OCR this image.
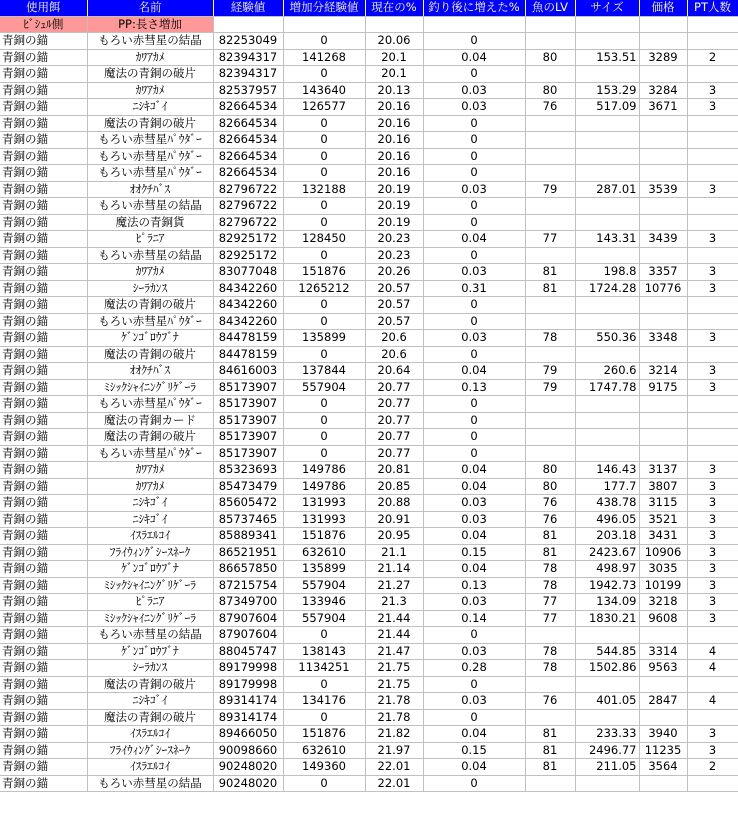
使用餌	名前	経験値	増加分経験値	現在の%	釣り後に増えた%	魚のLV	サイズ	価格	PT人数
ﾋﾞｼｭﾙ側	PP:長さ増加								
青銅の錨	もろい赤彗星の結晶	82253049	0	20.06	0				
青銅の錨	ｶﾜｱｶﾒ	82394317	141268	20.1	0.04	80	153.51	3289	2
青銅の錨	魔法の青銅の破片	82394317	0	20.1	0				
青銅の錨	ｶﾜｱｶﾒ	82537957	143640	20.13	0.03	80	153.29	3284	3
青銅の錨	ﾆｼｷｺﾞｲ	82664534	126577	20.16	0.03	76	517.09	3671	3
青銅の錨	魔法の青銅の破片	82664534	0	20.16	0				
青銅の錨	もろい赤彗星ﾊﾟｳﾀﾞｰ	82664534	0	20.16	0				
青銅の錨	もろい赤彗星ﾊﾟｳﾀﾞｰ	82664534	0	20.16	0				
青銅の錨	もろい赤彗星ﾊﾟｳﾀﾞｰ	82664534	0	20.16	0				
青銅の錨	ｵｵｸﾁﾊﾞｽ	82796722	132188	20.19	0.03	79	287.01	3539	3
青銅の錨	もろい赤彗星の結晶	82796722	0	20.19	0				
青銅の錨	魔法の青銅貨	82796722	0	20.19	0				
青銅の錨	ﾋﾟﾗﾆｱ	82925172	128450	20.23	0.04	77	143.31	3439	3
青銅の錨	もろい赤彗星の結晶	82925172	0	20.23	0				
青銅の錨	ｶﾜｱｶﾒ	83077048	151876	20.26	0.03	81	198.8	3357	3
青銅の錨	ｼｰﾗｶﾝｽ	84342260	1265212	20.57	0.31	81	1724.28	10776	3
青銅の錨	魔法の青銅の破片	84342260	0	20.57	0				
青銅の錨	もろい赤彗星ﾊﾟｳﾀﾞｰ	84342260	0	20.57	0				
青銅の錨	ｹﾞﾝｺﾞﾛｳﾌﾞﾅ	84478159	135899	20.6	0.03	78	550.36	3348	3
青銅の錨	魔法の青銅の破片	84478159	0	20.6	0				
青銅の錨	ｵｵｸﾁﾊﾞｽ	84616003	137844	20.64	0.04	79	260.6	3214	3
青銅の錨	ﾐｼｯｸｼｬｲﾆﾝｸﾞﾘｹﾞｰﾗ	85173907	557904	20.77	0.13	79	1747.78	9175	3
青銅の錨	もろい赤彗星ﾊﾟｳﾀﾞｰ	85173907	0	20.77	0				
青銅の錨	魔法の青銅カード	85173907	0	20.77	0				
青銅の錨	魔法の青銅の破片	85173907	0	20.77	0				
青銅の錨	もろい赤彗星ﾊﾟｳﾀﾞｰ	85173907	0	20.77	0				
青銅の錨	ｶﾜｱｶﾒ	85323693	149786	20.81	0.04	80	146.43	3137	3
青銅の錨	ｶﾜｱｶﾒ	85473479	149786	20.85	0.04	80	177.7	3807	3
青銅の錨	ﾆｼｷｺﾞｲ	85605472	131993	20.88	0.03	76	438.78	3115	3
青銅の錨	ﾆｼｷｺﾞｲ	85737465	131993	20.91	0.03	76	496.05	3521	3
青銅の錨	ｲｽﾗｴﾙｺｲ	85889341	151876	20.95	0.04	81	203.18	3431	3
青銅の錨	ﾌﾗｲｳｨﾝｸﾞｼｰｽﾈｰｸ	86521951	632610	21.1	0.15	81	2423.67	10906	3
青銅の錨	ｹﾞﾝｺﾞﾛｳﾌﾞﾅ	86657850	135899	21.14	0.04	78	498.97	3035	3
青銅の錨	ﾐｼｯｸｼｬｲﾆﾝｸﾞﾘｹﾞｰﾗ	87215754	557904	21.27	0.13	78	1942.73	10199	3
青銅の錨	ﾋﾟﾗﾆｱ	87349700	133946	21.3	0.03	77	134.09	3218	3
青銅の錨	ﾐｼｯｸｼｬｲﾆﾝｸﾞﾘｹﾞｰﾗ	87907604	557904	21.44	0.14	77	1830.21	9608	3
青銅の錨	もろい赤彗星の結晶	87907604	0	21.44	0				
青銅の錨	ｹﾞﾝｺﾞﾛｳﾌﾞﾅ	88045747	138143	21.47	0.03	78	544.85	3314	4
青銅の錨	ｼｰﾗｶﾝｽ	89179998	1134251	21.75	0.28	78	1502.86	9563	4
青銅の錨	魔法の青銅の破片	89179998	0	21.75	0				
青銅の錨	ﾆｼｷｺﾞｲ	89314174	134176	21.78	0.03	76	401.05	2847	4
青銅の錨	魔法の青銅の破片	89314174	0	21.78	0				
青銅の錨	ｲｽﾗｴﾙｺｲ	89466050	151876	21.82	0.04	81	233.33	3940	3
青銅の錨	ﾌﾗｲｳｨﾝｸﾞｼｰｽﾈｰｸ	90098660	632610	21.97	0.15	81	2496.77	11235	3
青銅の錨	ｲｽﾗｴﾙｺｲ	90248020	149360	22.01	0.04	81	211.05	3564	2
青銅の錨	もろい赤彗星の結晶	90248020	0	22.01	0				
